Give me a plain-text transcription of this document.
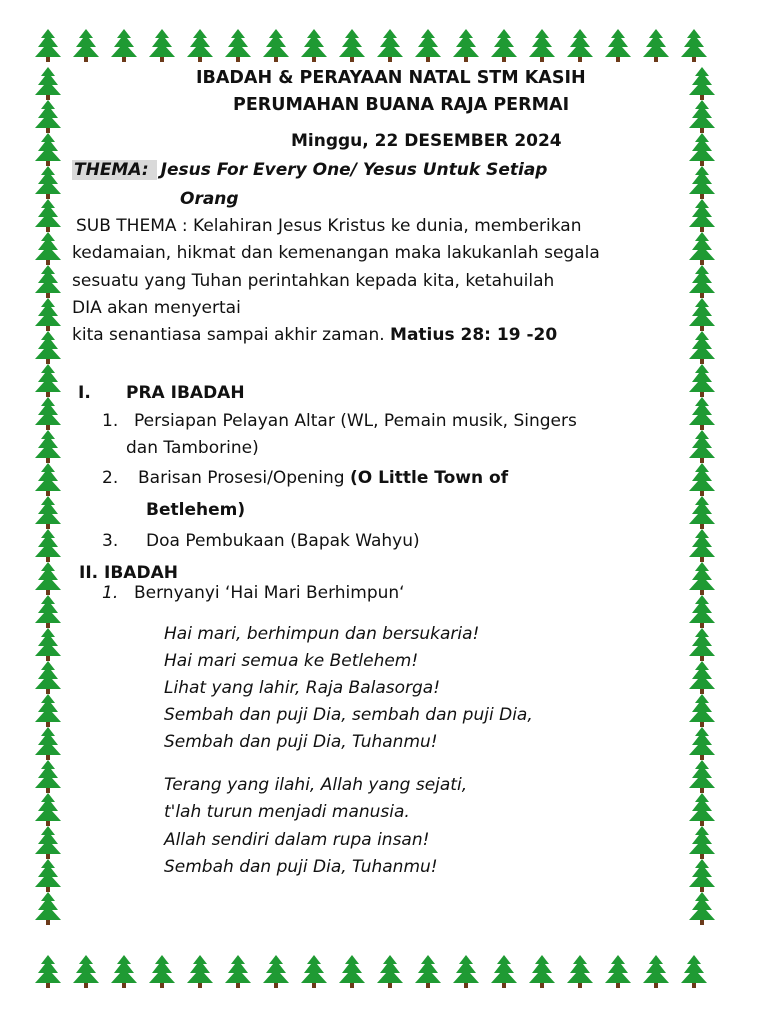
IBADAH & PERAYAAN NATAL STM KASIH
PERUMAHAN BUANA RAJA PERMAI
Minggu, 22 DESEMBER 2024
THEMA: Jesus For Every One/ Yesus Untuk Setiap
Orang
SUB THEMA : Kelahiran Jesus Kristus ke dunia, memberikan
kedamaian, hikmat dan kemenangan maka lakukanlah segala
sesuatu yang Tuhan perintahkan kepada kita, ketahuilah
DIA akan menyertai
kita senantiasa sampai akhir zaman. Matius 28: 19 -20
I. PRA IBADAH
1. Persiapan Pelayan Altar (WL, Pemain musik, Singers
dan Tamborine)
2. Barisan Prosesi/Opening (O Little Town of
Betlehem)
3. Doa Pembukaan (Bapak Wahyu)
II. IBADAH
1. Bernyanyi ‘Hai Mari Berhimpun‘
Hai mari, berhimpun dan bersukaria!
Hai mari semua ke Betlehem!
Lihat yang lahir, Raja Balasorga!
Sembah dan puji Dia, sembah dan puji Dia,
Sembah dan puji Dia, Tuhanmu!
Terang yang ilahi, Allah yang sejati,
t'lah turun menjadi manusia.
Allah sendiri dalam rupa insan!
Sembah dan puji Dia, Tuhanmu!
